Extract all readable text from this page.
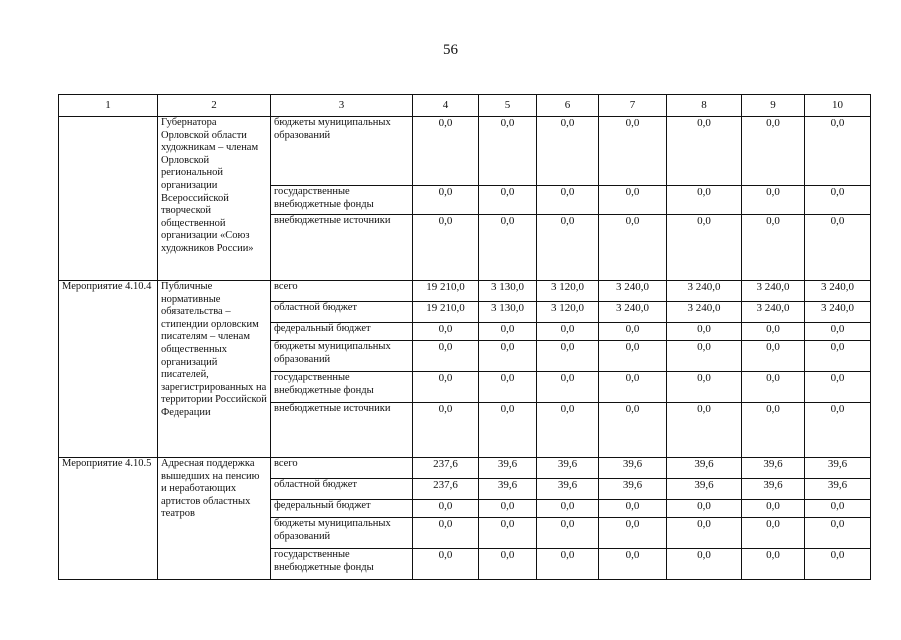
56
1	2	3	4	5	6	7	8	9	10
	Губернатора Орловской области художникам – членам Орловской региональной организации Всероссийской творческой общественной организации «Союз художников России»	бюджеты муниципальных образований	0,0	0,0	0,0	0,0	0,0	0,0	0,0
		государственные внебюджетные фонды	0,0	0,0	0,0	0,0	0,0	0,0	0,0
		внебюджетные источники	0,0	0,0	0,0	0,0	0,0	0,0	0,0
Мероприятие 4.10.4	Публичные нормативные обязательства – стипендии орловским писателям – членам общественных организаций писателей, зарегистрированных на территории Российской Федерации	всего	19 210,0	3 130,0	3 120,0	3 240,0	3 240,0	3 240,0	3 240,0
		областной бюджет	19 210,0	3 130,0	3 120,0	3 240,0	3 240,0	3 240,0	3 240,0
		федеральный бюджет	0,0	0,0	0,0	0,0	0,0	0,0	0,0
		бюджеты муниципальных образований	0,0	0,0	0,0	0,0	0,0	0,0	0,0
		государственные внебюджетные фонды	0,0	0,0	0,0	0,0	0,0	0,0	0,0
		внебюджетные источники	0,0	0,0	0,0	0,0	0,0	0,0	0,0
Мероприятие 4.10.5	Адресная поддержка вышедших на пенсию и неработающих артистов областных театров	всего	237,6	39,6	39,6	39,6	39,6	39,6	39,6
		областной бюджет	237,6	39,6	39,6	39,6	39,6	39,6	39,6
		федеральный бюджет	0,0	0,0	0,0	0,0	0,0	0,0	0,0
		бюджеты муниципальных образований	0,0	0,0	0,0	0,0	0,0	0,0	0,0
		государственные внебюджетные фонды	0,0	0,0	0,0	0,0	0,0	0,0	0,0
